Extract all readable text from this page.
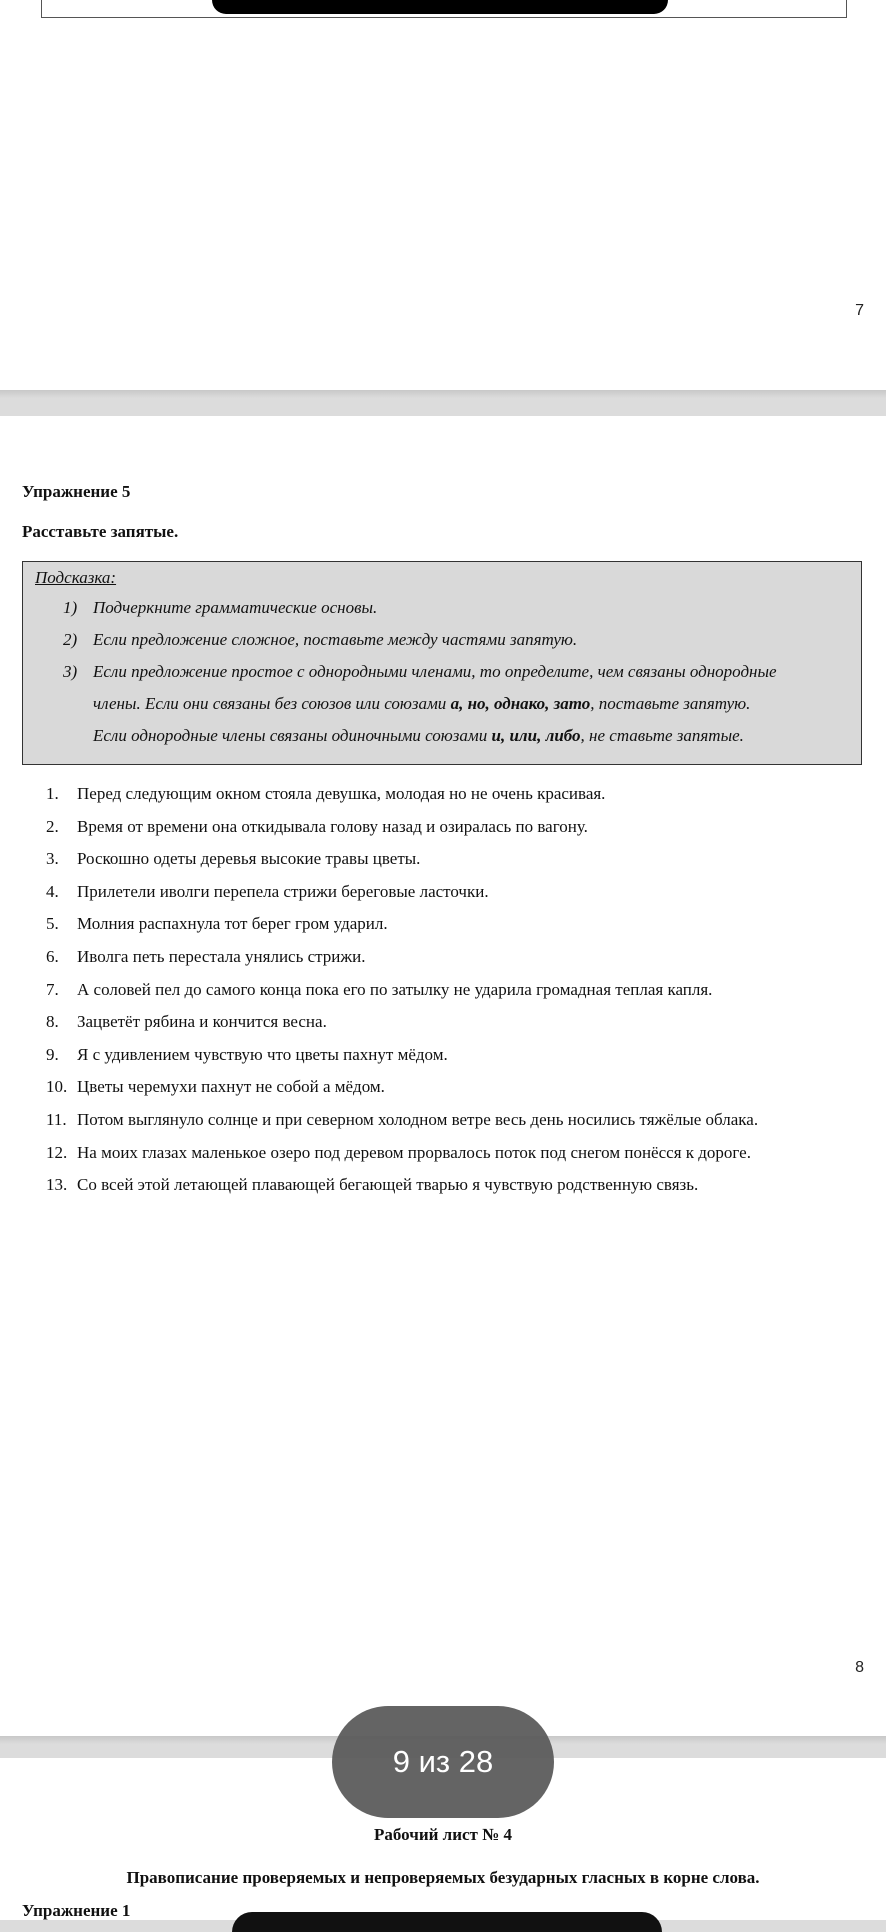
7
Упражнение 5
Расставьте запятые.
Подсказка:
1) Подчеркните грамматические основы.
2) Если предложение сложное, поставьте между частями запятую.
3) Если предложение простое с однородными членами, то определите, чем связаны однородные
члены. Если они связаны без союзов или союзами а, но, однако, зато, поставьте запятую.
Если однородные члены связаны одиночными союзами и, или, либо, не ставьте запятые.
1. Перед следующим окном стояла девушка, молодая но не очень красивая.
2. Время от времени она откидывала голову назад и озиралась по вагону.
3. Роскошно одеты деревья высокие травы цветы.
4. Прилетели иволги перепела стрижи береговые ласточки.
5. Молния распахнула тот берег гром ударил.
6. Иволга петь перестала унялись стрижи.
7. А соловей пел до самого конца пока его по затылку не ударила громадная теплая капля.
8. Зацветёт рябина и кончится весна.
9. Я с удивлением чувствую что цветы пахнут мёдом.
10. Цветы черемухи пахнут не собой а мёдом.
11. Потом выглянуло солнце и при северном холодном ветре весь день носились тяжёлые облака.
12. На моих глазах маленькое озеро под деревом прорвалось поток под снегом понёсся к дороге.
13. Со всей этой летающей плавающей бегающей тварью я чувствую родственную связь.
8
Рабочий лист № 4
Правописание проверяемых и непроверяемых безударных гласных в корне слова.
Упражнение 1
9 из 28
